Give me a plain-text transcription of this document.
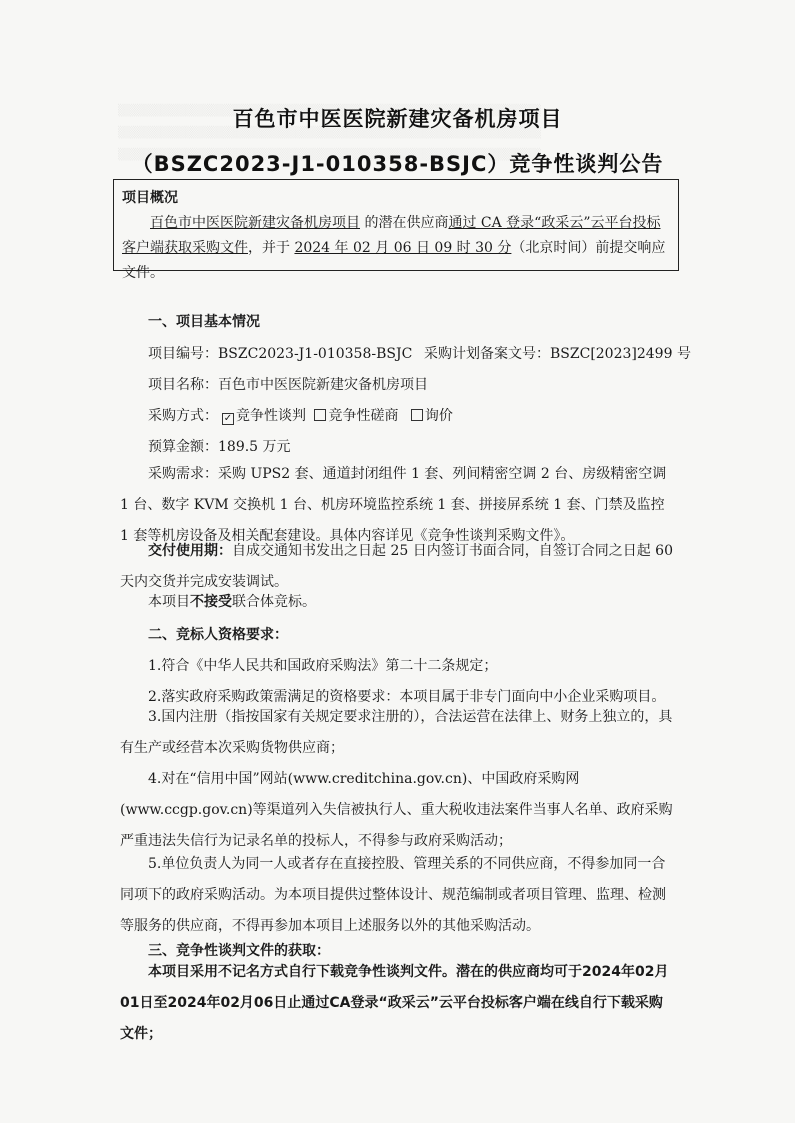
百色市中医医院新建灾备机房项目
（BSZC2023-J1-010358-BSJC）竞争性谈判公告
项目概况
百色市中医医院新建灾备机房项目 的潜在供应商通过 CA 登录“政采云”云平台投标客户端获取采购文件，并于 2024 年 02 月 06 日 09 时 30 分（北京时间）前提交响应文件。
一、项目基本情况
项目编号：BSZC2023-J1-010358-BSJC 采购计划备案文号：BSZC[2023]2499 号
项目名称：百色市中医医院新建灾备机房项目
采购方式： ✓ 竞争性谈判 竞争性磋商 询价
预算金额：189.5 万元
采购需求：采购 UPS2 套、通道封闭组件 1 套、列间精密空调 2 台、房级精密空调 1 台、数字 KVM 交换机 1 台、机房环境监控系统 1 套、拼接屏系统 1 套、门禁及监控 1 套等机房设备及相关配套建设。具体内容详见《竞争性谈判采购文件》。
交付使用期：自成交通知书发出之日起 25 日内签订书面合同，自签订合同之日起 60 天内交货并完成安装调试。
本项目不接受联合体竞标。
二、竞标人资格要求：
1.符合《中华人民共和国政府采购法》第二十二条规定；
2.落实政府采购政策需满足的资格要求：本项目属于非专门面向中小企业采购项目。
3.国内注册（指按国家有关规定要求注册的），合法运营在法律上、财务上独立的，具有生产或经营本次采购货物供应商；
4.对在“信用中国”网站(www.creditchina.gov.cn)、中国政府采购网(www.ccgp.gov.cn)等渠道列入失信被执行人、重大税收违法案件当事人名单、政府采购严重违法失信行为记录名单的投标人，不得参与政府采购活动；
5.单位负责人为同一人或者存在直接控股、管理关系的不同供应商，不得参加同一合同项下的政府采购活动。为本项目提供过整体设计、规范编制或者项目管理、监理、检测等服务的供应商，不得再参加本项目上述服务以外的其他采购活动。
三、竞争性谈判文件的获取：
本项目采用不记名方式自行下载竞争性谈判文件。潜在的供应商均可于2024年02月01日至2024年02月06日止通过CA登录“政采云”云平台投标客户端在线自行下载采购文件；
